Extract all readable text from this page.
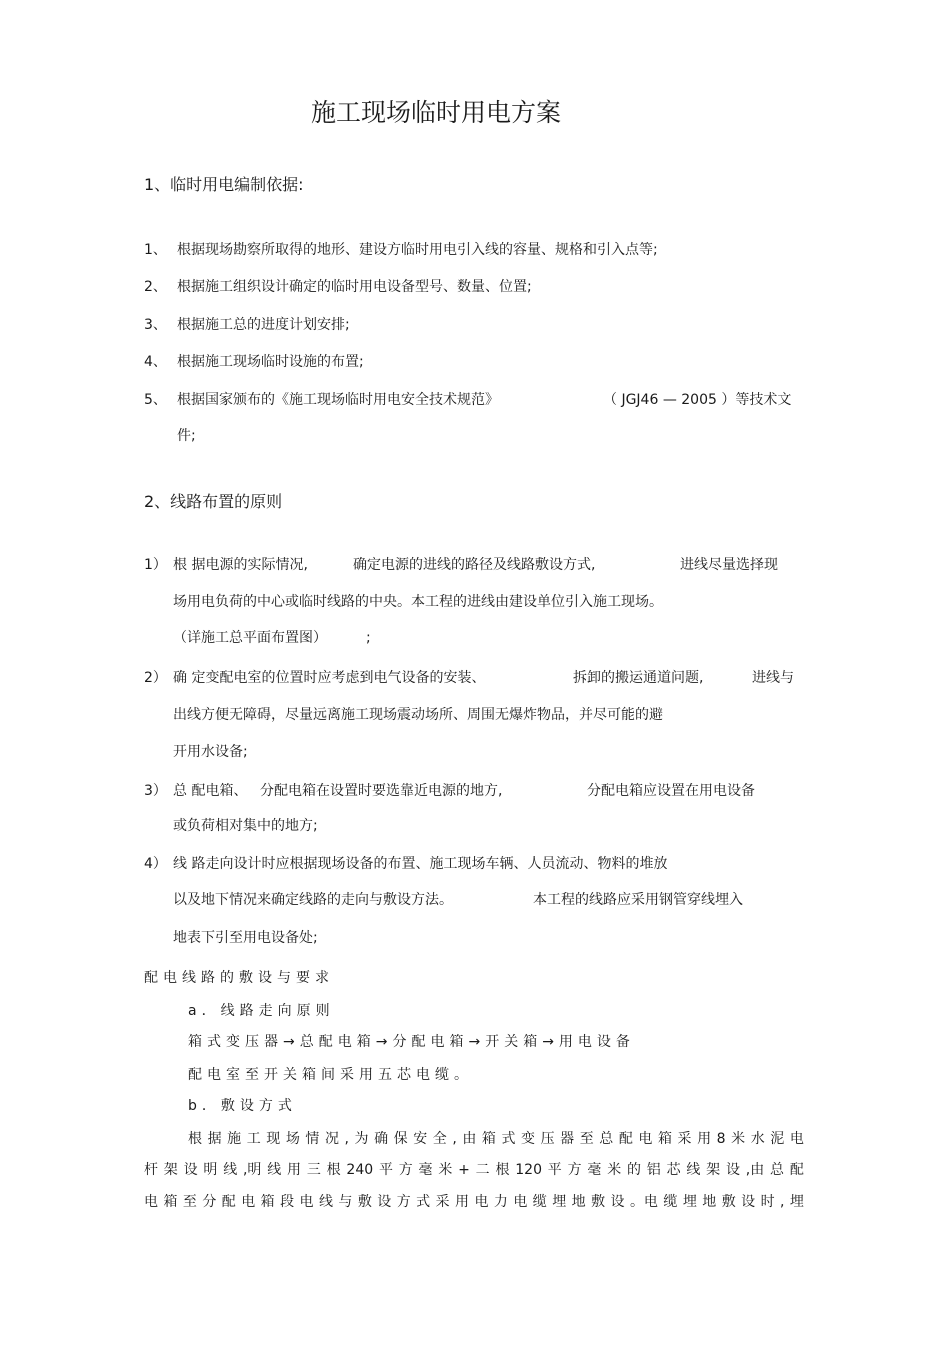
施工现场临时用电方案
1、临时用电编制依据:
1、 根据现场勘察所取得的地形、建设方临时用电引入线的容量、规格和引入点等;
2、 根据施工组织设计确定的临时用电设备型号、数量、位置;
3、 根据施工总的进度计划安排;
4、 根据施工现场临时设施的布置;
5、 根据国家颁布的《施工现场临时用电安全技术规范》	（ JGJ46 — 2005 ）等技术文
件;
2、线路布置的原则
1） 根 据电源的实际情况,	确定电源的进线的路径及线路敷设方式,	进线尽量选择现
场用电负荷的中心或临时线路的中央。本工程的进线由建设单位引入施工现场。
（详施工总平面布置图）	;
2） 确 定变配电室的位置时应考虑到电气设备的安装、	拆卸的搬运通道问题,	进线与
出线方便无障碍，尽量远离施工现场震动场所、周围无爆炸物品，并尽可能的避
开用水设备;
3） 总 配电箱、 分配电箱在设置时要选靠近电源的地方,	分配电箱应设置在用电设备
或负荷相对集中的地方;
4） 线 路走向设计时应根据现场设备的布置、施工现场车辆、人员流动、物料的堆放
以及地下情况来确定线路的走向与敷设方法。	本工程的线路应采用钢管穿线埋入
地表下引至用电设备处;
配电线路的敷设与要求
a．线路走向原则
箱式变压器→总配电箱→分配电箱→开关箱→用电设备
配电室至开关箱间采用五芯电缆。
b．敷设方式
根 据 施 工 现 场 情 况 , 为 确 保 安 全 , 由 箱 式 变 压 器 至 总 配 电 箱 采 用 8 米 水 泥 电
杆 架 设 明 线 ,明 线 用 三 根 240 平 方 毫 米 + 二 根 120 平 方 毫 米 的 铝 芯 线 架 设 ,由 总 配
电 箱 至 分 配 电 箱 段 电 线 与 敷 设 方 式 采 用 电 力 电 缆 埋 地 敷 设 。电 缆 埋 地 敷 设 时 , 埋
